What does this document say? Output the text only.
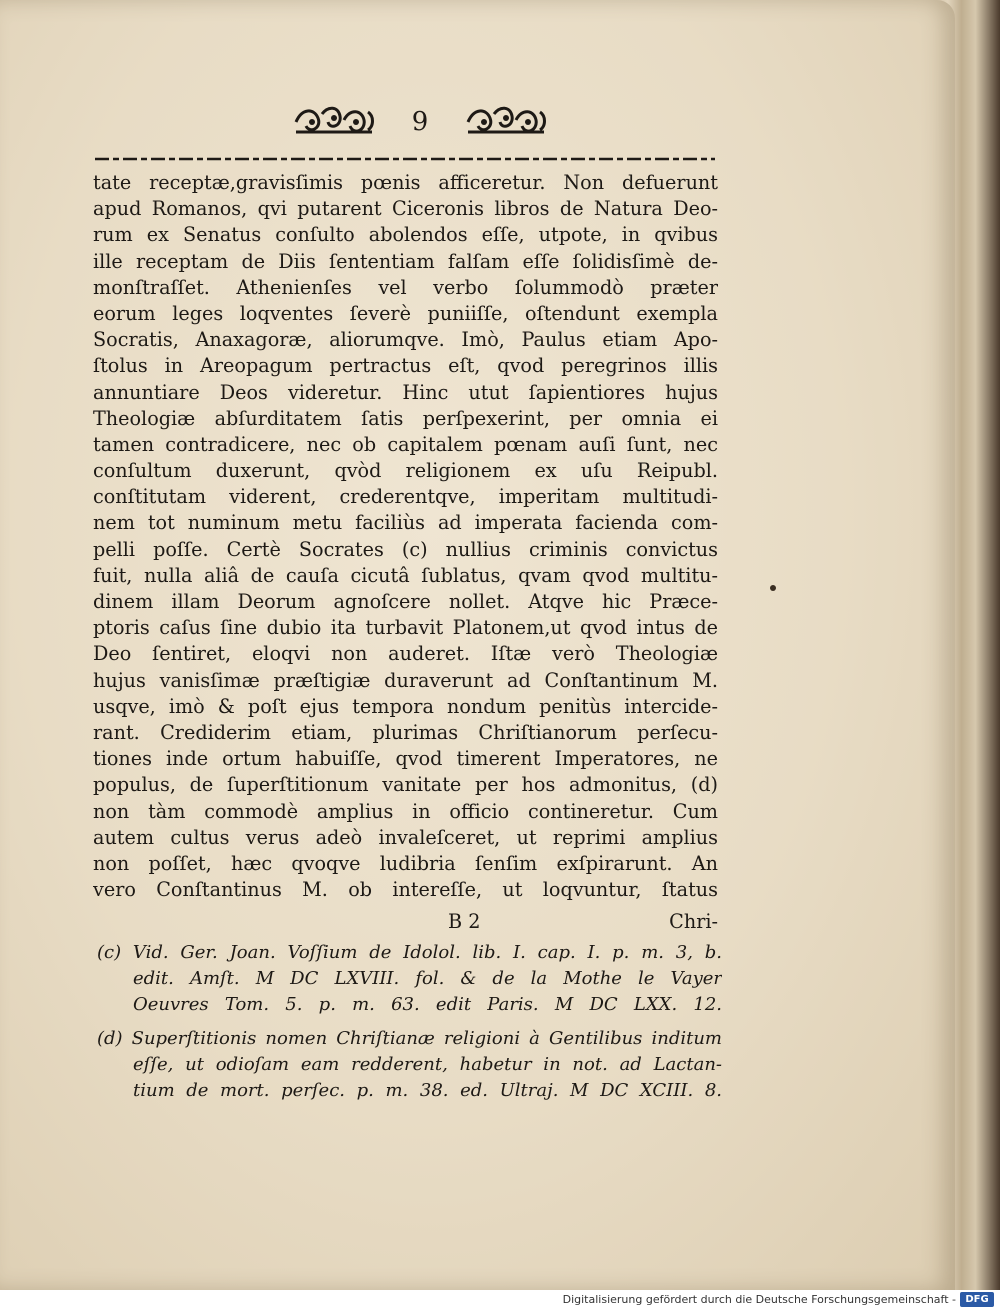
9
tate receptæ,gravisſimis pœnis afficeretur. Non defuerunt
apud Romanos, qvi putarent Ciceronis libros de Natura Deo-
rum ex Senatus conſulto abolendos eſſe, utpote, in qvibus
ille receptam de Diis ſententiam falſam eſſe ſolidisſimè de-
monſtraſſet. Athenienſes vel verbo ſolummodò præter
eorum leges loqventes ſeverè puniiſſe, oſtendunt exempla
Socratis, Anaxagoræ, aliorumqve. Imò, Paulus etiam Apo-
ſtolus in Areopagum pertractus eſt, qvod peregrinos illis
annuntiare Deos videretur. Hinc utut ſapientiores hujus
Theologiæ abſurditatem ſatis perſpexerint, per omnia ei
tamen contradicere, nec ob capitalem pœnam auſi ſunt, nec
conſultum duxerunt, qvòd religionem ex uſu Reipubl.
conſtitutam viderent, crederentqve, imperitam multitudi-
nem tot numinum metu faciliùs ad imperata facienda com-
pelli poſſe. Certè Socrates (c) nullius criminis convictus
fuit, nulla aliâ de cauſa cicutâ ſublatus, qvam qvod multitu-
dinem illam Deorum agnoſcere nollet. Atqve hic Præce-
ptoris caſus ſine dubio ita turbavit Platonem,ut qvod intus de
Deo ſentiret, eloqvi non auderet. Iſtæ verò Theologiæ
hujus vanisſimæ præſtigiæ duraverunt ad Conſtantinum M.
usqve, imò & poſt ejus tempora nondum penitùs intercide-
rant. Crediderim etiam, plurimas Chriſtianorum perſecu-
tiones inde ortum habuiſſe, qvod timerent Imperatores, ne
populus, de ſuperſtitionum vanitate per hos admonitus, (d)
non tàm commodè amplius in officio contineretur. Cum
autem cultus verus adeò invaleſceret, ut reprimi amplius
non poſſet, hæc qvoqve ludibria ſenſim exſpirarunt. An
vero Conſtantinus M. ob intereſſe, ut loqvuntur, ſtatus
B 2	Chri-
(c) Vid. Ger. Joan. Voſſium de Idolol. lib. I. cap. I. p. m. 3, b.
edit. Amſt. M DC LXVIII. fol. & de la Mothe le Vayer
Oeuvres Tom. 5. p. m. 63. edit Paris. M DC LXX. 12.
(d) Superſtitionis nomen Chriſtianæ religioni à Gentilibus inditum
eſſe, ut odioſam eam redderent, habetur in not. ad Lactan-
tium de mort. perſec. p. m. 38. ed. Ultraj. M DC XCIII. 8.
Digitalisierung gefördert durch die Deutsche Forschungsgemeinschaft - DFG
